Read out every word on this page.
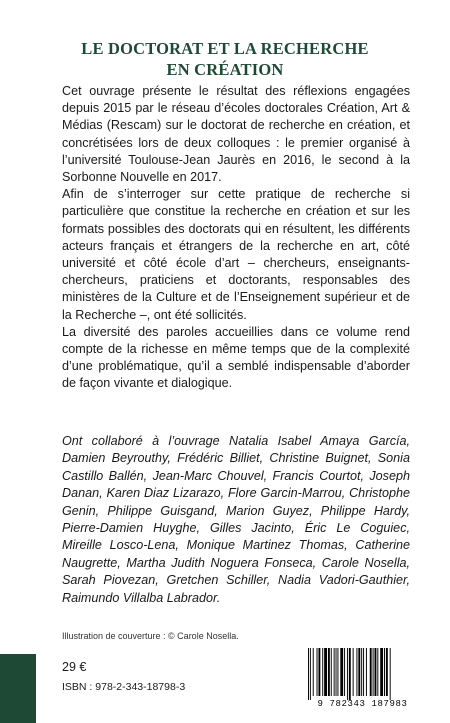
LE DOCTORAT ET LA RECHERCHE
EN CRÉATION

Cet ouvrage présente le résultat des réflexions engagées depuis 2015 par le réseau d’écoles doctorales Création, Art & Médias (Rescam) sur le doctorat de recherche en création, et concrétisées lors de deux colloques : le premier organisé à l’université Toulouse-Jean Jaurès en 2016, le second à la Sorbonne Nouvelle en 2017.

Afin de s’interroger sur cette pratique de recherche si particulière que constitue la recherche en création et sur les formats possibles des doctorats qui en résultent, les différents acteurs français et étrangers de la recherche en art, côté université et côté école d’art – chercheurs, enseignants-chercheurs, praticiens et doctorants, responsables des ministères de la Culture et de l’Enseignement supérieur et de la Recherche –, ont été sollicités.

La diversité des paroles accueillies dans ce volume rend compte de la richesse en même temps que de la complexité d’une problématique, qu’il a semblé indispensable d’aborder de façon vivante et dialogique.

Ont collaboré à l’ouvrage Natalia Isabel Amaya García, Damien Beyrouthy, Frédéric Billiet, Christine Buignet, Sonia Castillo Ballén, Jean-Marc Chouvel, Francis Courtot, Joseph Danan, Karen Diaz Lizarazo, Flore Garcin-Marrou, Christophe Genin, Philippe Guisgand, Marion Guyez, Philippe Hardy, Pierre-Damien Huyghe, Gilles Jacinto, Éric Le Coguiec, Mireille Losco-Lena, Monique Martinez Thomas, Catherine Naugrette, Martha Judith Noguera Fonseca, Carole Nosella, Sarah Piovezan, Gretchen Schiller, Nadia Vadori-Gauthier, Raimundo Villalba Labrador.
Illustration de couverture : © Carole Nosella.
29 €
ISBN : 978-2-343-18798-3
9 782343 187983
